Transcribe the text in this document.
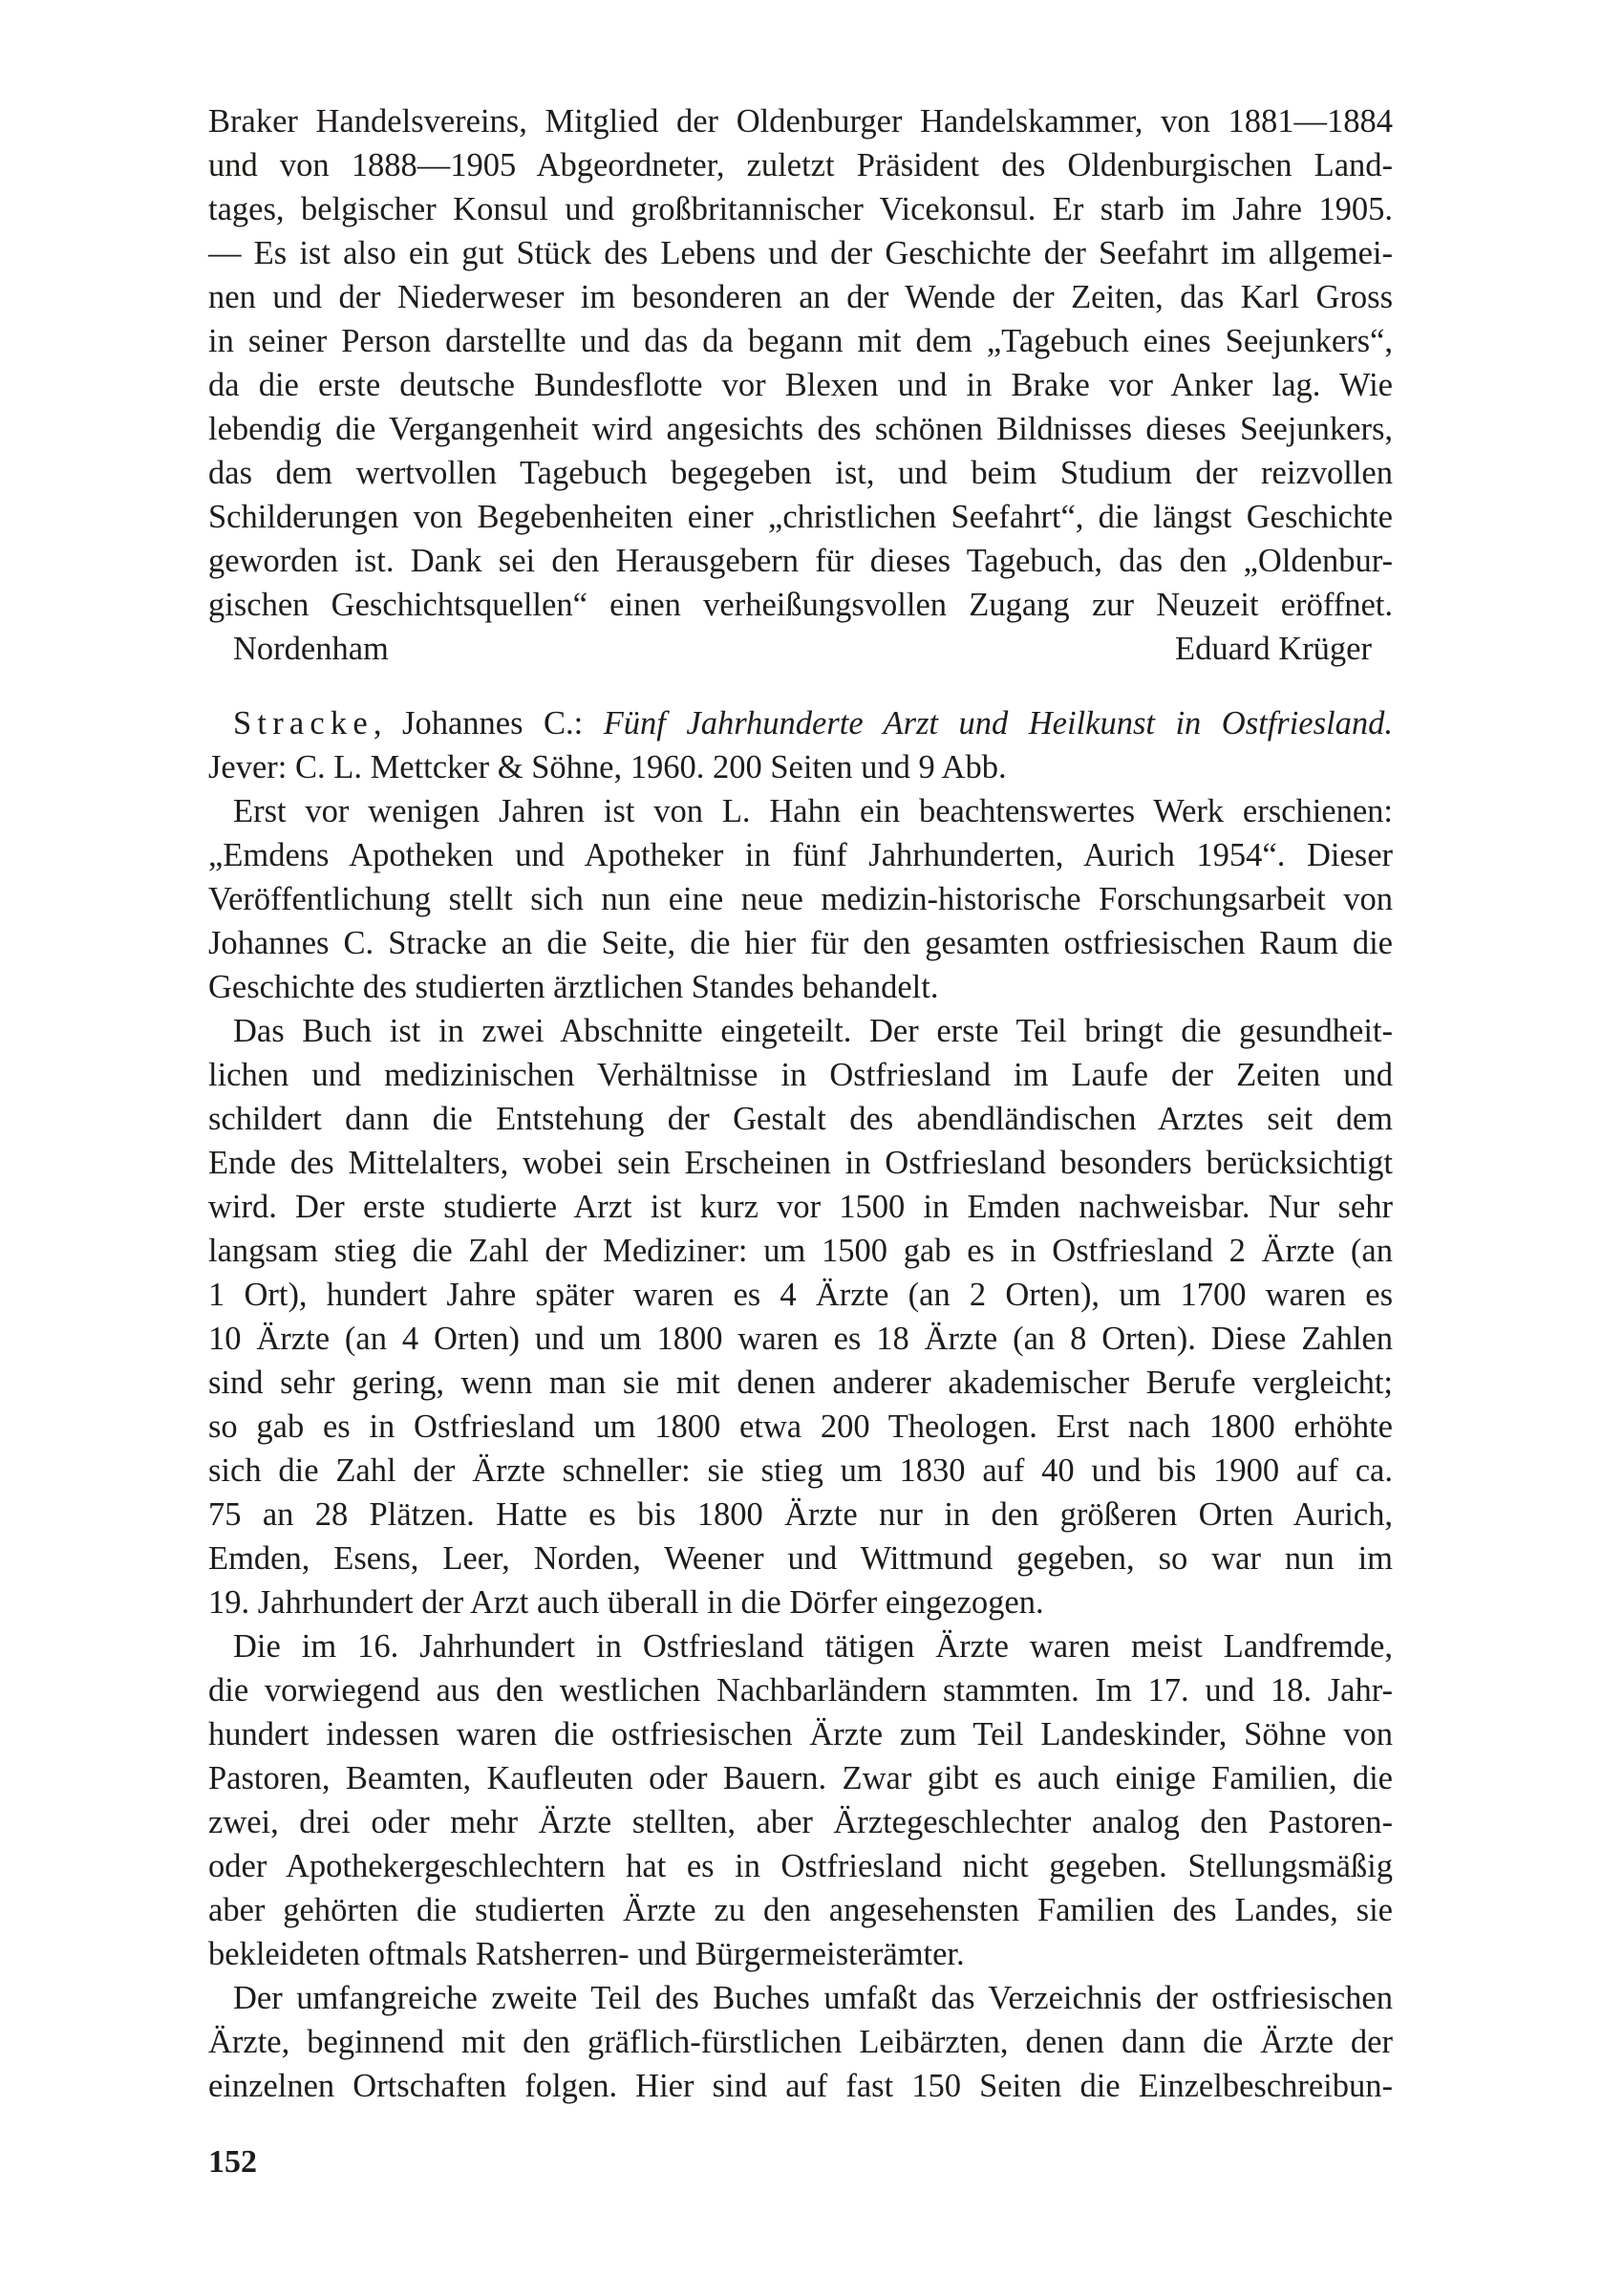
Braker Handelsvereins, Mitglied der Oldenburger Handelskammer, von 1881—1884
und von 1888—1905 Abgeordneter, zuletzt Präsident des Oldenburgischen Land-
tages, belgischer Konsul und großbritannischer Vicekonsul. Er starb im Jahre 1905.
— Es ist also ein gut Stück des Lebens und der Geschichte der Seefahrt im allgemei-
nen und der Niederweser im besonderen an der Wende der Zeiten, das Karl Gross
in seiner Person darstellte und das da begann mit dem „Tagebuch eines Seejunkers“,
da die erste deutsche Bundesflotte vor Blexen und in Brake vor Anker lag. Wie
lebendig die Vergangenheit wird angesichts des schönen Bildnisses dieses Seejunkers,
das dem wertvollen Tagebuch begegeben ist, und beim Studium der reizvollen
Schilderungen von Begebenheiten einer „christlichen Seefahrt“, die längst Geschichte
geworden ist. Dank sei den Herausgebern für dieses Tagebuch, das den „Oldenbur-
gischen Geschichtsquellen“ einen verheißungsvollen Zugang zur Neuzeit eröffnet.
Nordenham	Eduard Krüger
Stracke, Johannes C.: Fünf Jahrhunderte Arzt und Heilkunst in Ostfriesland.
Jever: C. L. Mettcker & Söhne, 1960. 200 Seiten und 9 Abb.
Erst vor wenigen Jahren ist von L. Hahn ein beachtenswertes Werk erschienen:
„Emdens Apotheken und Apotheker in fünf Jahrhunderten, Aurich 1954“. Dieser
Veröffentlichung stellt sich nun eine neue medizin-historische Forschungsarbeit von
Johannes C. Stracke an die Seite, die hier für den gesamten ostfriesischen Raum die
Geschichte des studierten ärztlichen Standes behandelt.
Das Buch ist in zwei Abschnitte eingeteilt. Der erste Teil bringt die gesundheit-
lichen und medizinischen Verhältnisse in Ostfriesland im Laufe der Zeiten und
schildert dann die Entstehung der Gestalt des abendländischen Arztes seit dem
Ende des Mittelalters, wobei sein Erscheinen in Ostfriesland besonders berücksichtigt
wird. Der erste studierte Arzt ist kurz vor 1500 in Emden nachweisbar. Nur sehr
langsam stieg die Zahl der Mediziner: um 1500 gab es in Ostfriesland 2 Ärzte (an
1 Ort), hundert Jahre später waren es 4 Ärzte (an 2 Orten), um 1700 waren es
10 Ärzte (an 4 Orten) und um 1800 waren es 18 Ärzte (an 8 Orten). Diese Zahlen
sind sehr gering, wenn man sie mit denen anderer akademischer Berufe vergleicht;
so gab es in Ostfriesland um 1800 etwa 200 Theologen. Erst nach 1800 erhöhte
sich die Zahl der Ärzte schneller: sie stieg um 1830 auf 40 und bis 1900 auf ca.
75 an 28 Plätzen. Hatte es bis 1800 Ärzte nur in den größeren Orten Aurich,
Emden, Esens, Leer, Norden, Weener und Wittmund gegeben, so war nun im
19. Jahrhundert der Arzt auch überall in die Dörfer eingezogen.
Die im 16. Jahrhundert in Ostfriesland tätigen Ärzte waren meist Landfremde,
die vorwiegend aus den westlichen Nachbarländern stammten. Im 17. und 18. Jahr-
hundert indessen waren die ostfriesischen Ärzte zum Teil Landeskinder, Söhne von
Pastoren, Beamten, Kaufleuten oder Bauern. Zwar gibt es auch einige Familien, die
zwei, drei oder mehr Ärzte stellten, aber Ärztegeschlechter analog den Pastoren-
oder Apothekergeschlechtern hat es in Ostfriesland nicht gegeben. Stellungsmäßig
aber gehörten die studierten Ärzte zu den angesehensten Familien des Landes, sie
bekleideten oftmals Ratsherren- und Bürgermeisterämter.
Der umfangreiche zweite Teil des Buches umfaßt das Verzeichnis der ostfriesischen
Ärzte, beginnend mit den gräflich-fürstlichen Leibärzten, denen dann die Ärzte der
einzelnen Ortschaften folgen. Hier sind auf fast 150 Seiten die Einzelbeschreibun-
152
